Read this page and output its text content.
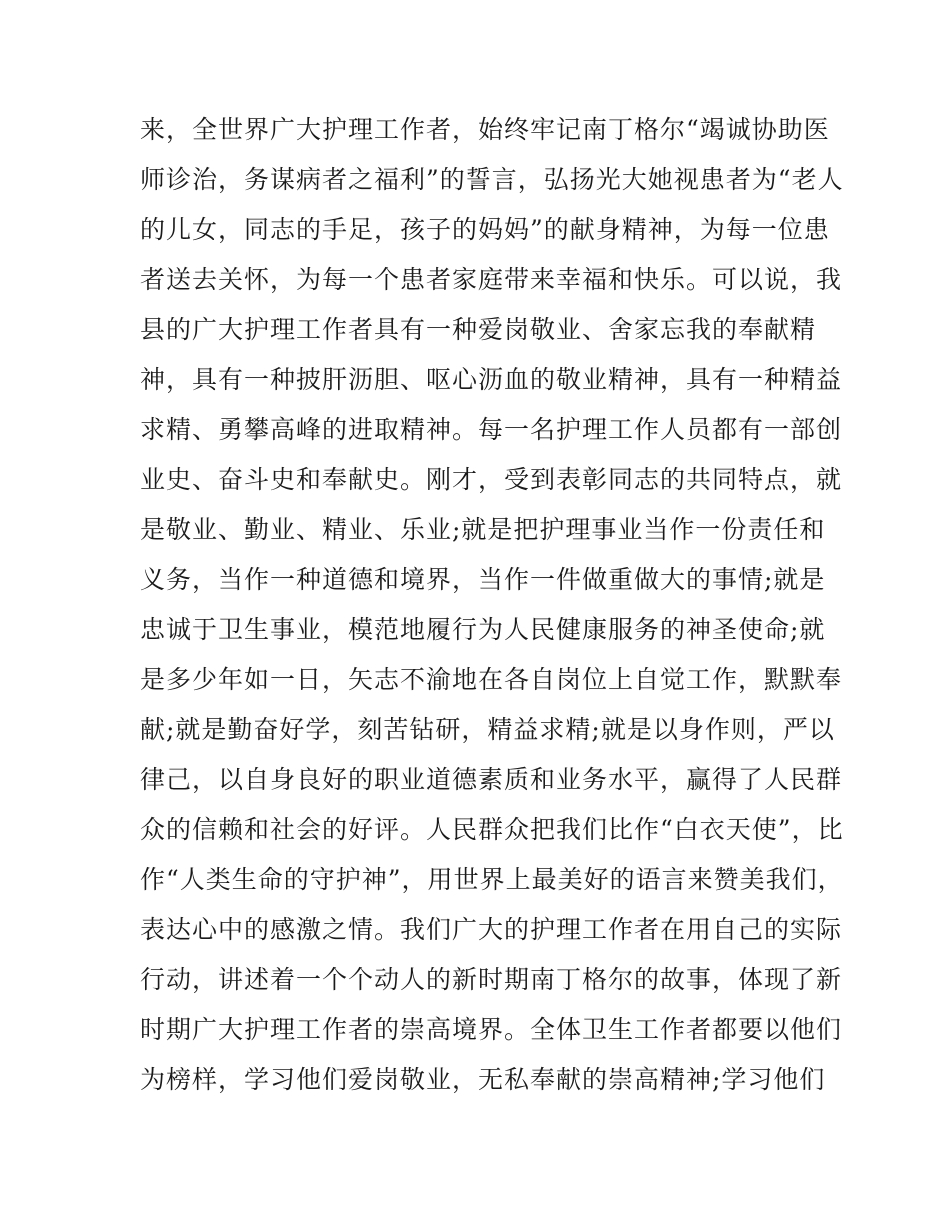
来，全世界广大护理工作者，始终牢记南丁格尔“竭诚协助医
师诊治，务谋病者之福利”的誓言，弘扬光大她视患者为“老人
的儿女，同志的手足，孩子的妈妈”的献身精神，为每一位患
者送去关怀，为每一个患者家庭带来幸福和快乐。可以说，我
县的广大护理工作者具有一种爱岗敬业、舍家忘我的奉献精
神，具有一种披肝沥胆、呕心沥血的敬业精神，具有一种精益
求精、勇攀高峰的进取精神。每一名护理工作人员都有一部创
业史、奋斗史和奉献史。刚才，受到表彰同志的共同特点，就
是敬业、勤业、精业、乐业;就是把护理事业当作一份责任和
义务，当作一种道德和境界，当作一件做重做大的事情;就是
忠诚于卫生事业，模范地履行为人民健康服务的神圣使命;就
是多少年如一日，矢志不渝地在各自岗位上自觉工作，默默奉
献;就是勤奋好学，刻苦钻研，精益求精;就是以身作则，严以
律己，以自身良好的职业道德素质和业务水平，赢得了人民群
众的信赖和社会的好评。人民群众把我们比作“白衣天使”，比
作“人类生命的守护神”，用世界上最美好的语言来赞美我们，
表达心中的感激之情。我们广大的护理工作者在用自己的实际
行动，讲述着一个个动人的新时期南丁格尔的故事，体现了新
时期广大护理工作者的崇高境界。全体卫生工作者都要以他们
为榜样，学习他们爱岗敬业，无私奉献的崇高精神;学习他们
